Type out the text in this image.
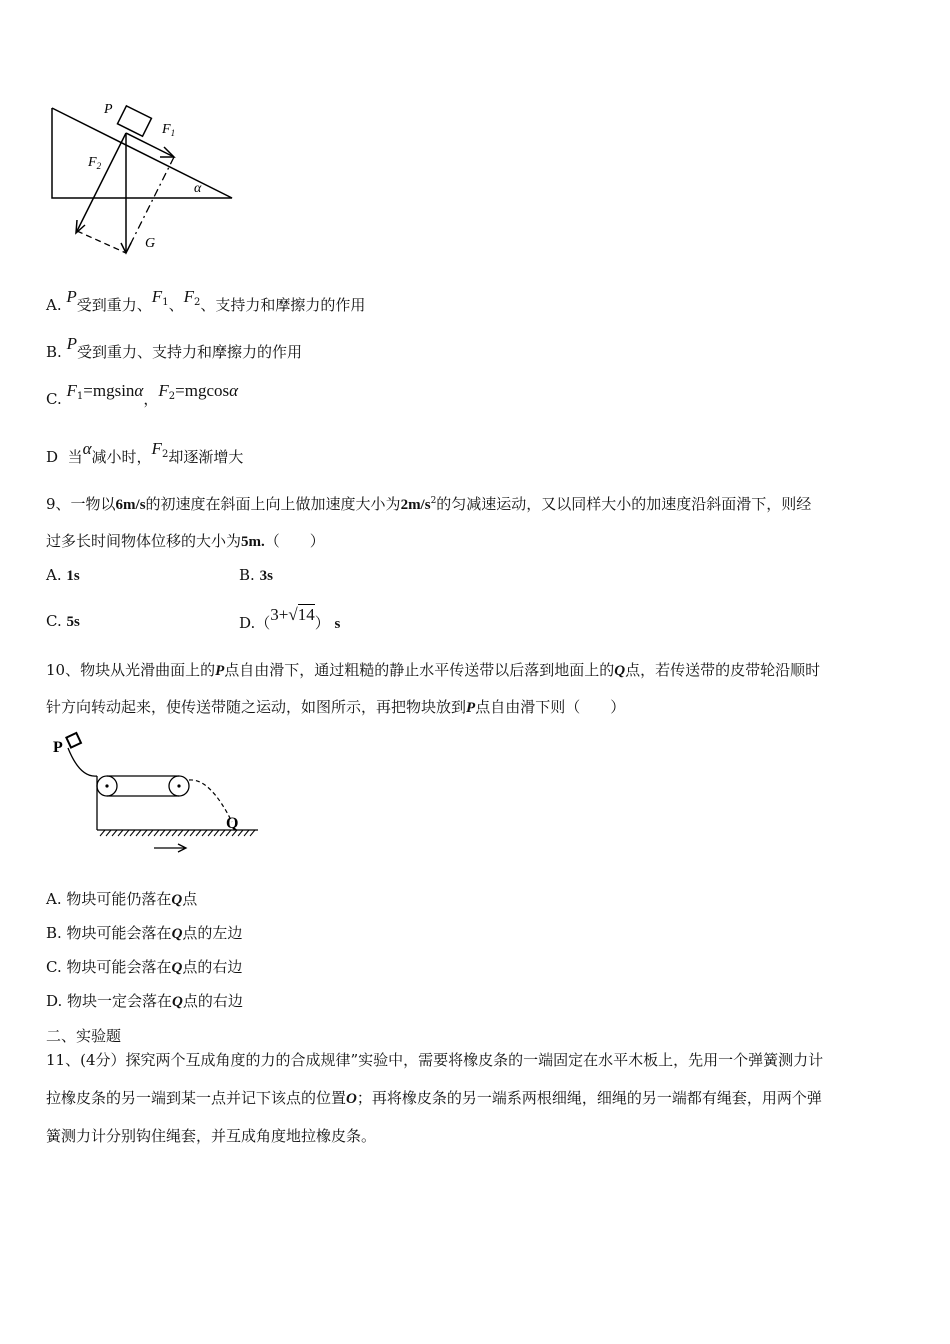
P
$F_1$
$F_2$
G
α
A. P受到重力、$F^1$、$F^2$、支持力和摩擦力的作用
B. P受到重力、支持力和摩擦力的作用
C. $F_1=mgsin\alpha$，$F_2=mgcos\alpha$
D 当α减小时，$F_2$却逐渐增大
9、一物以6m/s的初速度在斜面上向上做加速度大小为$2m/s^2$的匀减速运动，又以同样大小的加速度沿斜面滑下，则经
过多长时间物体位移的大小为5m.（　　）
A. 1s	B. 3s
C. 5s	D.（3+√14） s
10、物块从光滑曲面上的P点自由滑下，通过粗糙的静止水平传送带以后落到地面上的Q点，若传送带的皮带轮沿顺时
针方向转动起来，使传送带随之运动，如图所示，再把物块放到P点自由滑下则（　　）
P
Q
A. 物块可能仍落在Q点
B. 物块可能会落在Q点的左边
C. 物块可能会落在Q点的右边
D. 物块一定会落在Q点的右边
二、实验题
11、(4分）探究两个互成角度的力的合成规律”实验中，需要将橡皮条的一端固定在水平木板上，先用一个弹簧测力计
拉橡皮条的另一端到某一点并记下该点的位置O；再将橡皮条的另一端系两根细绳，细绳的另一端都有绳套，用两个弹
簧测力计分别钩住绳套，并互成角度地拉橡皮条。
